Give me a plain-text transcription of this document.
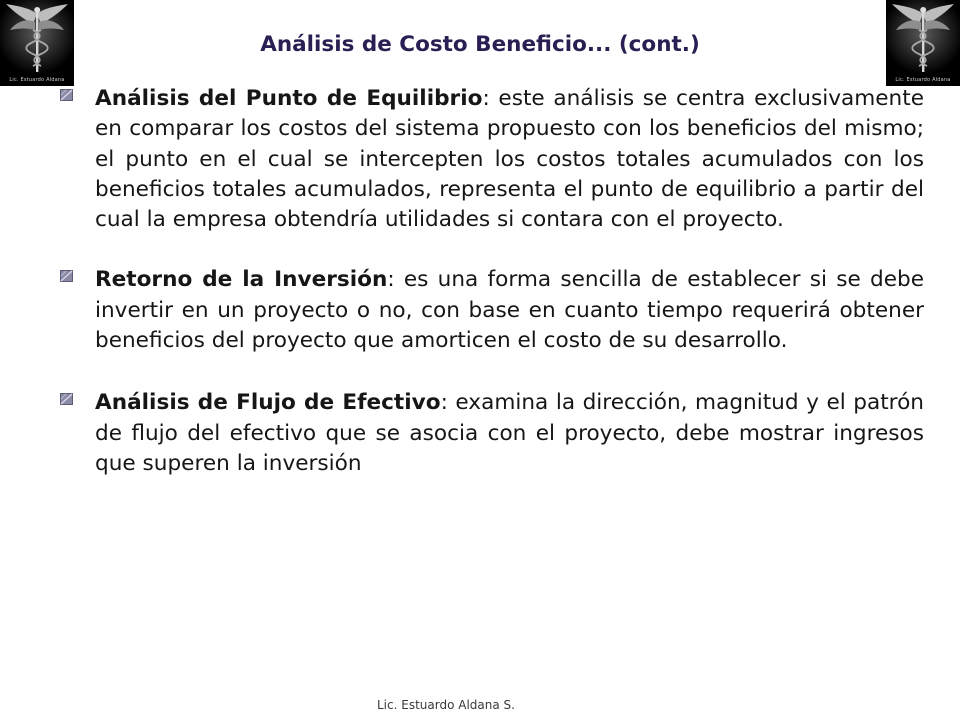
Lic. Estuardo Aldana	Lic. Estuardo Aldana
Análisis de Costo Beneficio... (cont.)

Análisis del Punto de Equilibrio: este análisis se centra exclusivamente en comparar los costos del sistema propuesto con los beneficios del mismo; el punto en el cual se intercepten los costos totales acumulados con los beneficios totales acumulados, representa el punto de equilibrio a partir del cual la empresa obtendría utilidades si contara con el proyecto.

Retorno de la Inversión: es una forma sencilla de establecer si se debe invertir en un proyecto o no, con base en cuanto tiempo requerirá obtener beneficios del proyecto que amorticen el costo de su desarrollo.

Análisis de Flujo de Efectivo: examina la dirección, magnitud y el patrón de flujo del efectivo que se asocia con el proyecto, debe mostrar ingresos que superen la inversión

Lic. Estuardo Aldana S.
